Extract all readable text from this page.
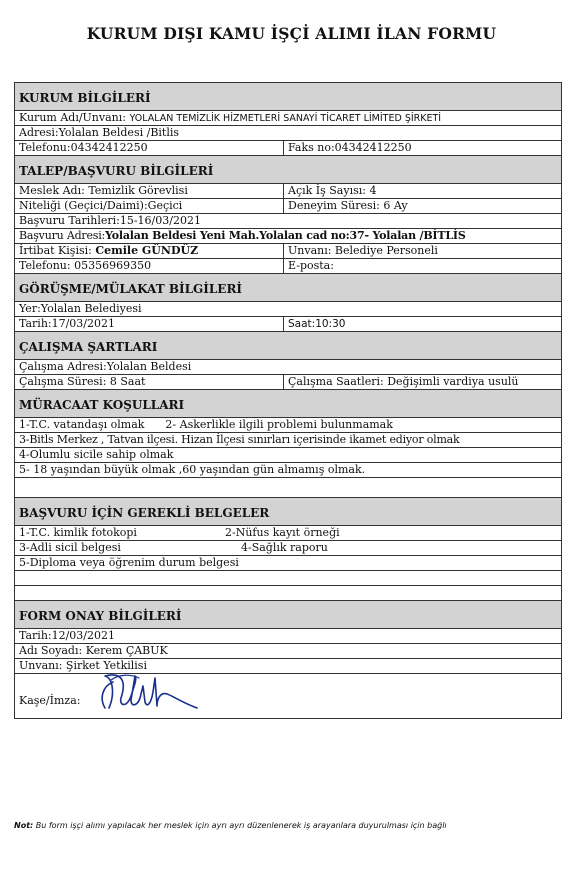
KURUM DIŞI KAMU İŞÇİ ALIMI İLAN FORMU
KURUM BİLGİLERİ
Kurum Adı/Unvanı: YOLALAN TEMİZLİK HİZMETLERİ SANAYİ TİCARET LİMİTED ŞİRKETİ
Adresi:Yolalan Beldesi /Bitlis
Telefonu:04342412250	Faks no:04342412250
TALEP/BAŞVURU BİLGİLERİ
Meslek Adı: Temizlik Görevlisi	Açık İş Sayısı: 4
Niteliği (Geçici/Daimi):Geçici	Deneyim Süresi: 6 Ay
Başvuru Tarihleri:15-16/03/2021
Başvuru Adresi:Yolalan Beldesi Yeni Mah.Yolalan cad no:37- Yolalan /BİTLİS
İrtibat Kişisi: Cemile GÜNDÜZ	Unvanı: Belediye Personeli
Telefonu: 05356969350	E-posta:
GÖRÜŞME/MÜLAKAT BİLGİLERİ
Yer:Yolalan Belediyesi
Tarih:17/03/2021	Saat:10:30
ÇALIŞMA ŞARTLARI
Çalışma Adresi:Yolalan Beldesi
Çalışma Süresi: 8 Saat	Çalışma Saatleri: Değişimli vardiya usulü
MÜRACAAT KOŞULLARI
1-T.C. vatandaşı olmak      2- Askerlikle ilgili problemi bulunmamak
3-Bitls Merkez , Tatvan ilçesi. Hizan İlçesi sınırları içerisinde ikamet ediyor olmak
4-Olumlu sicile sahip olmak
5- 18 yaşından büyük olmak ,60 yaşından gün almamış olmak.
BAŞVURU İÇİN GEREKLİ BELGELER
1-T.C. kimlik fotokopi	2-Nüfus kayıt örneği
3-Adli sicil belgesi	4-Sağlık raporu
5-Diploma veya öğrenim durum belgesi
FORM ONAY BİLGİLERİ
Tarih:12/03/2021
Adı Soyadı: Kerem ÇABUK
Unvanı: Şirket Yetkilisi
Kaşe/İmza:
Not: Bu form işçi alımı yapılacak her meslek için ayrı ayrı düzenlenerek iş arayanlara duyurulması için bağlı
